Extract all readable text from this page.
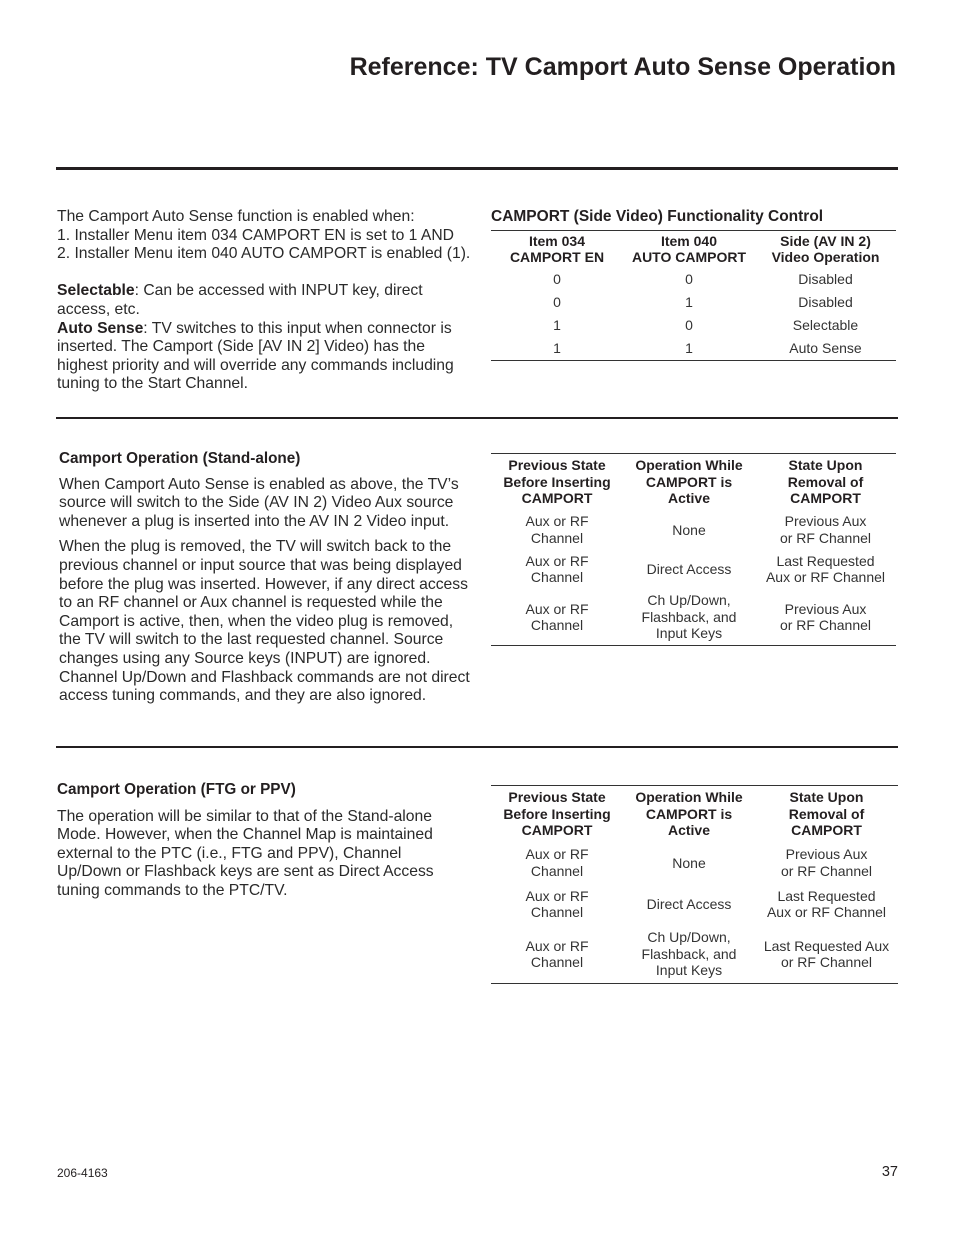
Reference: TV Camport Auto Sense Operation

The Camport Auto Sense function is enabled when:

1. Installer Menu item 034 CAMPORT EN is set to 1 AND

2. Installer Menu item 040 AUTO CAMPORT is enabled (1).

Selectable: Can be accessed with INPUT key, direct access, etc.

Auto Sense: TV switches to this input when connector is inserted. The Camport (Side [AV IN 2] Video) has the highest priority and will override any commands including tuning to the Start Channel.

CAMPORT (Side Video) Functionality Control
Item 034
CAMPORT EN	Item 040
AUTO CAMPORT	Side (AV IN 2)
Video Operation

0	0	Disabled

0	1	Disabled

1	0	Selectable

1	1	Auto Sense

Camport Operation (Stand-alone)

When Camport Auto Sense is enabled as above, the TV’s source will switch to the Side (AV IN 2) Video Aux source whenever a plug is inserted into the AV IN 2 Video input.

When the plug is removed, the TV will switch back to the previous channel or input source that was being displayed before the plug was inserted. However, if any direct access to an RF channel or Aux channel is requested while the Camport is active, then, when the video plug is removed, the TV will switch to the last requested channel. Source changes using any Source keys (INPUT) are ignored. Channel Up/Down and Flashback commands are not direct access tuning commands, and they are also ignored.

Previous State
Before Inserting
CAMPORT	Operation While
CAMPORT is
Active	State Upon
Removal of
CAMPORT

Aux or RF
Channel	None	Previous Aux
or RF Channel

Aux or RF
Channel	Direct Access	Last Requested
Aux or RF Channel

Aux or RF
Channel	Ch Up/Down,
Flashback, and
Input Keys	Previous Aux
or RF Channel

Camport Operation (FTG or PPV)

The operation will be similar to that of the Stand-alone Mode. However, when the Channel Map is maintained external to the PTC (i.e., FTG and PPV), Channel Up/Down or Flashback keys are sent as Direct Access tuning commands to the PTC/TV.

Previous State
Before Inserting
CAMPORT	Operation While
CAMPORT is
Active	State Upon
Removal of
CAMPORT

Aux or RF
Channel	None	Previous Aux
or RF Channel

Aux or RF
Channel	Direct Access	Last Requested
Aux or RF Channel

Aux or RF
Channel	Ch Up/Down,
Flashback, and
Input Keys	Last Requested Aux
or RF Channel
206-4163	37
